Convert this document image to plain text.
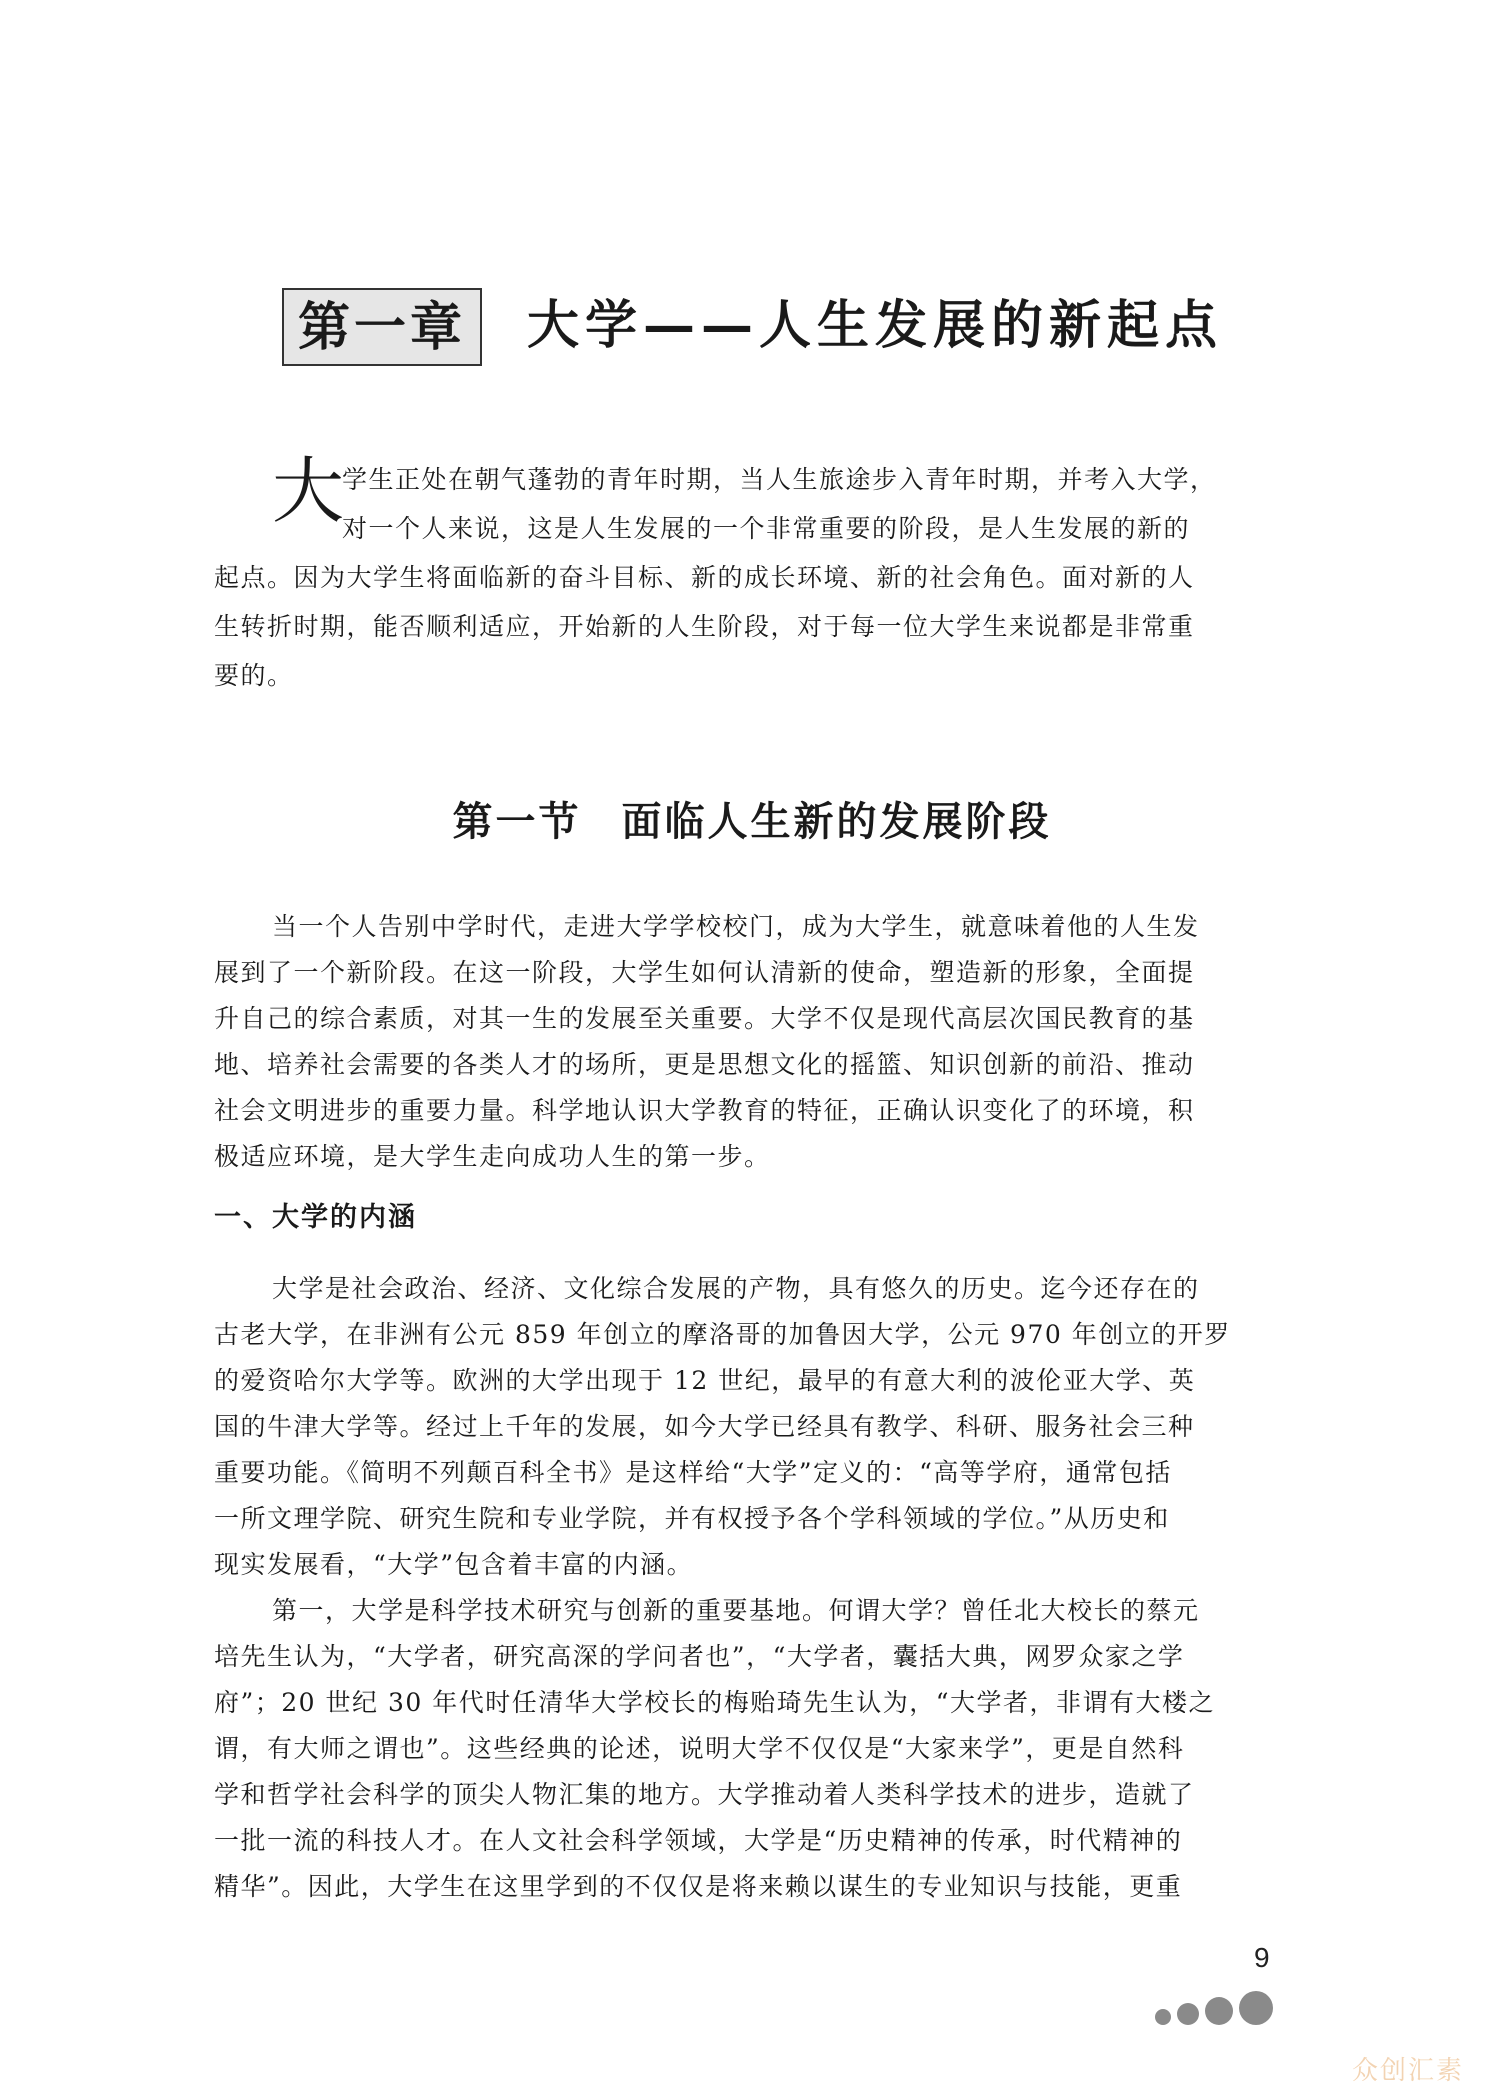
第一章	大学——人生发展的新起点
大
学生正处在朝气蓬勃的青年时期，当人生旅途步入青年时期，并考入大学，
对一个人来说，这是人生发展的一个非常重要的阶段，是人生发展的新的
起点。因为大学生将面临新的奋斗目标、新的成长环境、新的社会角色。面对新的人
生转折时期，能否顺利适应，开始新的人生阶段，对于每一位大学生来说都是非常重
要的。
第一节 面临人生新的发展阶段
当一个人告别中学时代，走进大学学校校门，成为大学生，就意味着他的人生发
展到了一个新阶段。在这一阶段，大学生如何认清新的使命，塑造新的形象，全面提
升自己的综合素质，对其一生的发展至关重要。大学不仅是现代高层次国民教育的基
地、培养社会需要的各类人才的场所，更是思想文化的摇篮、知识创新的前沿、推动
社会文明进步的重要力量。科学地认识大学教育的特征，正确认识变化了的环境，积
极适应环境，是大学生走向成功人生的第一步。
一、大学的内涵
大学是社会政治、经济、文化综合发展的产物，具有悠久的历史。迄今还存在的
古老大学，在非洲有公元 859 年创立的摩洛哥的加鲁因大学，公元 970 年创立的开罗
的爱资哈尔大学等。欧洲的大学出现于 12 世纪，最早的有意大利的波伦亚大学、英
国的牛津大学等。经过上千年的发展，如今大学已经具有教学、科研、服务社会三种
重要功能。《简明不列颠百科全书》是这样给“大学”定义的：“高等学府，通常包括
一所文理学院、研究生院和专业学院，并有权授予各个学科领域的学位。”从历史和
现实发展看，“大学”包含着丰富的内涵。
第一，大学是科学技术研究与创新的重要基地。何谓大学？曾任北大校长的蔡元
培先生认为，“大学者，研究高深的学问者也”，“大学者，囊括大典，网罗众家之学
府”；20 世纪 30 年代时任清华大学校长的梅贻琦先生认为，“大学者，非谓有大楼之
谓，有大师之谓也”。这些经典的论述，说明大学不仅仅是“大家来学”，更是自然科
学和哲学社会科学的顶尖人物汇集的地方。大学推动着人类科学技术的进步，造就了
一批一流的科技人才。在人文社会科学领域，大学是“历史精神的传承，时代精神的
精华”。因此，大学生在这里学到的不仅仅是将来赖以谋生的专业知识与技能，更重
9
众创汇素
